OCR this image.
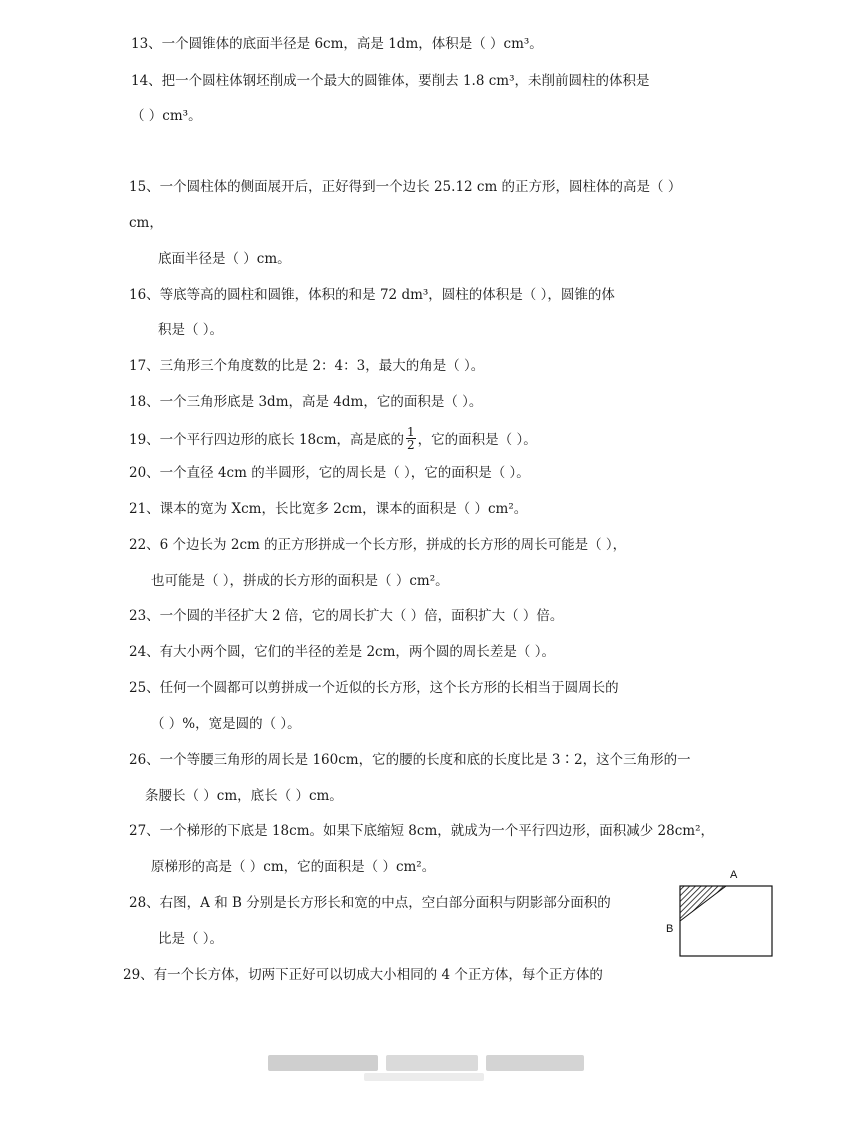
13、一个圆锥体的底面半径是 6cm，高是 1dm，体积是（ ）cm³。
14、把一个圆柱体钢坯削成一个最大的圆锥体，要削去 1.8 cm³，未削前圆柱的体积是
（ ）cm³。
15、一个圆柱体的侧面展开后，正好得到一个边长 25.12 cm 的正方形，圆柱体的高是（ ）
cm，
底面半径是（ ）cm。
16、等底等高的圆柱和圆锥，体积的和是 72 dm³，圆柱的体积是（ ），圆锥的体
积是（ ）。
17、三角形三个角度数的比是 2：4：3，最大的角是（ ）。
18、一个三角形底是 3dm，高是 4dm，它的面积是（ ）。
19、一个平行四边形的底长 18cm，高是底的 $\frac{1}{2}$ ，它的面积是（ ）。
20、一个直径 4cm 的半圆形，它的周长是（ ），它的面积是（ ）。
21、课本的宽为 Xcm，长比宽多 2cm，课本的面积是（ ）cm²。
22、6 个边长为 2cm 的正方形拼成一个长方形，拼成的长方形的周长可能是（ ），
也可能是（ ），拼成的长方形的面积是（ ）cm²。
23、一个圆的半径扩大 2 倍，它的周长扩大（ ）倍，面积扩大（ ）倍。
24、有大小两个圆，它们的半径的差是 2cm，两个圆的周长差是（ ）。
25、任何一个圆都可以剪拼成一个近似的长方形，这个长方形的长相当于圆周长的
（ ）%，宽是圆的（ ）。
26、一个等腰三角形的周长是 160cm，它的腰的长度和底的长度比是 3∶2，这个三角形的一
条腰长（ ）cm，底长（ ）cm。
27、一个梯形的下底是 18cm。如果下底缩短 8cm，就成为一个平行四边形，面积减少 28cm²，
原梯形的高是（ ）cm，它的面积是（ ）cm²。
28、右图，A 和 B 分别是长方形长和宽的中点，空白部分面积与阴影部分面积的
比是（ ）。
29、有一个长方体，切两下正好可以切成大小相同的 4 个正方体，每个正方体的
A
B
